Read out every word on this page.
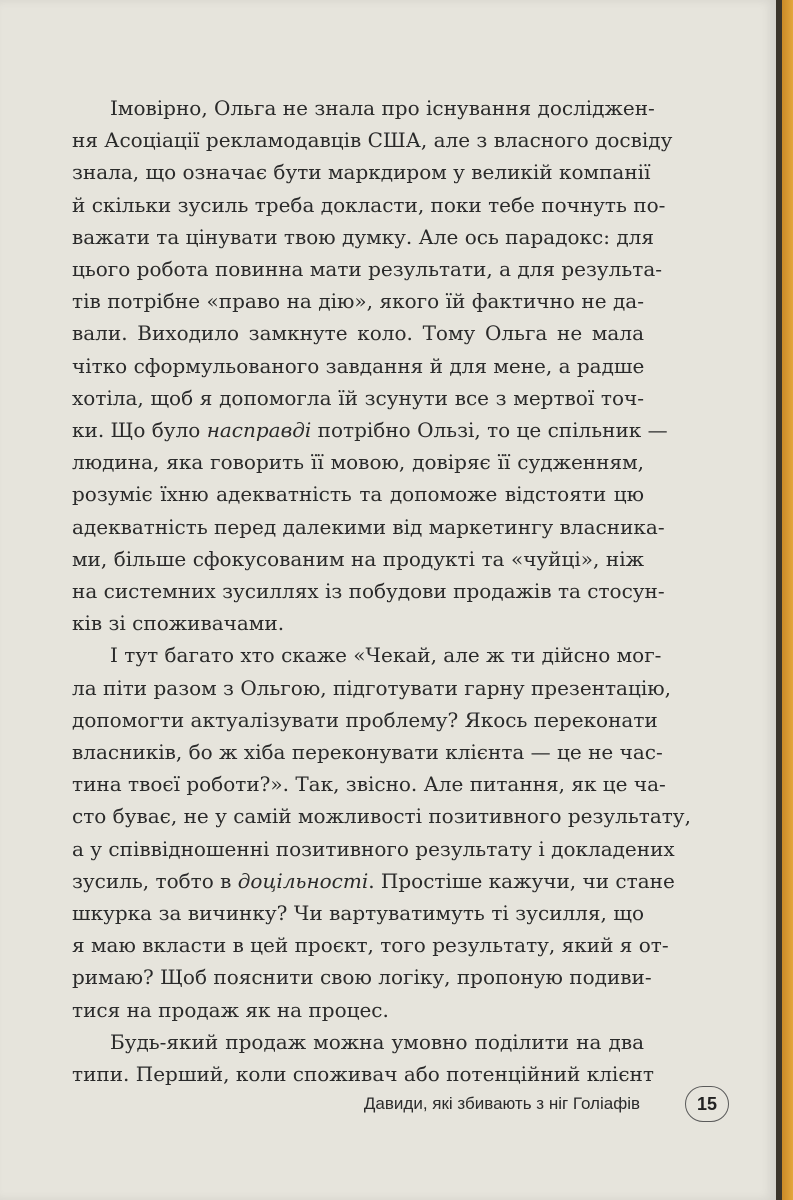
Імовірно, Ольга не знала про існування досліджен-
ня Асоціації рекламодавців США, але з власного досвіду
знала, що означає бути маркдиром у великій компанії
й скільки зусиль треба докласти, поки тебе почнуть по-
важати та цінувати твою думку. Але ось парадокс: для
цього робота повинна мати результати, а для результа-
тів потрібне «право на дію», якого їй фактично не да-
вали. Виходило замкнуте коло. Тому Ольга не мала
чітко сформульованого завдання й для мене, а радше
хотіла, щоб я допомогла їй зсунути все з мертвої точ-
ки. Що було наспpавді потрібно Ользі, то це спільник —
людина, яка говорить її мовою, довіряє її судженням,
розуміє їхню адекватність та допоможе відстояти цю
адекватність перед далекими від маркетингу власника-
ми, більше сфокусованим на продукті та «чуйці», ніж
на системних зусиллях із побудови продажів та стосун-
ків зі споживачами.

І тут багато хто скаже «Чекай, але ж ти дійсно мог-
ла піти разом з Ольгою, підготувати гарну презентацію,
допомогти актуалізувати проблему? Якось переконати
власників, бо ж хіба переконувати клієнта — це не час-
тина твоєї роботи?». Так, звісно. Але питання, як це ча-
сто буває, не у самій можливості позитивного результату,
а у співвідношенні позитивного результату і докладених
зусиль, тобто в доцільності. Простіше кажучи, чи стане
шкурка за вичинку? Чи вартуватимуть ті зусилля, що
я маю вкласти в цей проєкт, того результату, який я от-
римаю? Щоб пояснити свою логіку, пропоную подиви-
тися на продаж як на процес.

Будь-який продаж можна умовно поділити на два
типи. Перший, коли споживач або потенційний клієнт

Давиди, які збивають з ніг Голіафів	15
